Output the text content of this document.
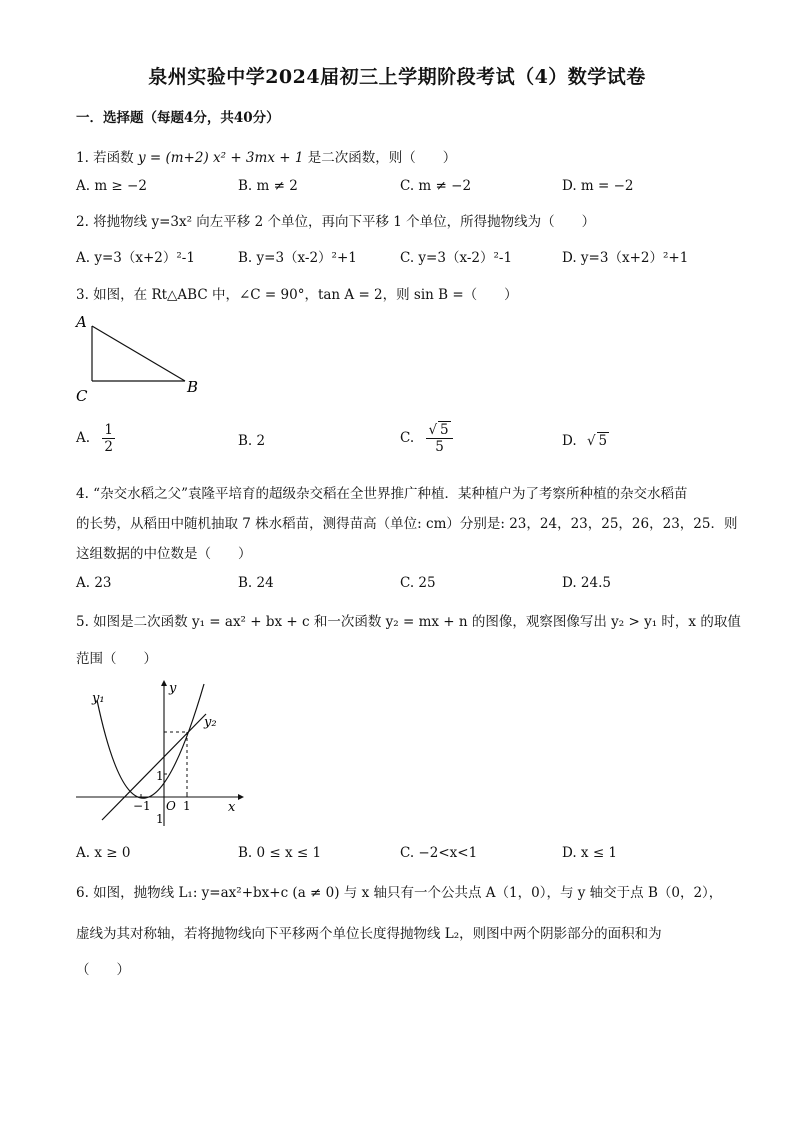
泉州实验中学2024届初三上学期阶段考试（4）数学试卷
一．选择题（每题4分，共40分）
1. 若函数 y = (m+2) x² + 3mx + 1 是二次函数，则（　　）
A. m ≥ −2	B. m ≠ 2	C. m ≠ −2	D. m = −2
2. 将抛物线 y=3x² 向左平移 2 个单位，再向下平移 1 个单位，所得抛物线为（　　）
A. y=3（x+2）²-1	B. y=3（x-2）²+1	C. y=3（x-2）²-1	D. y=3（x+2）²+1
3. 如图，在 Rt△ABC 中，∠C = 90°，tan A = 2，则 sin B =（　　）
A
C	B
A. $\frac{1}{2}$	B. 2	C. $\frac{√ 5}{5}$	D. √ 5
4. “杂交水稻之父”袁隆平培育的超级杂交稻在全世界推广种植．某种植户为了考察所种植的杂交水稻苗
的长势，从稻田中随机抽取 7 株水稻苗，测得苗高（单位: cm）分别是: 23，24，23，25，26，23，25．则
这组数据的中位数是（　　）
A. 23	B. 24	C. 25	D. 24.5
5. 如图是二次函数 y₁ = ax² + bx + c 和一次函数 y₂ = mx + n 的图像，观察图像写出 y₂ > y₁ 时，x 的取值
范围（　　）
y₁
y₂
y
x
1
−1 O 1
1
A. x ≥ 0	B. 0 ≤ x ≤ 1	C. −2<x<1	D. x ≤ 1
6. 如图，抛物线 L₁: y=ax²+bx+c (a ≠ 0) 与 x 轴只有一个公共点 A（1，0），与 y 轴交于点 B（0，2），
虚线为其对称轴，若将抛物线向下平移两个单位长度得抛物线 L₂，则图中两个阴影部分的面积和为
（　　）
